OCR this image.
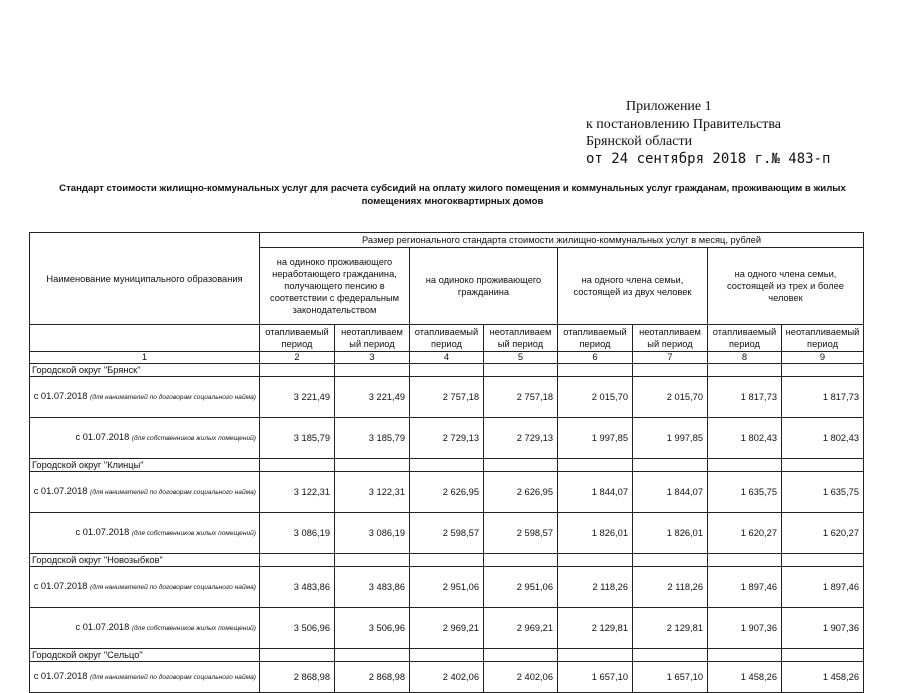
Приложение 1
к постановлению Правительства
Брянской области
от 24 сентября 2018 г.№ 483-п
Стандарт стоимости жилищно-коммунальных услуг для расчета субсидий на оплату жилого помещения и коммунальных услуг гражданам, проживающим в жилых помещениях многоквартирных домов
Наименование муниципального образования	Размер регионального стандарта стоимости жилищно-коммунальных услуг в месяц, рублей							
	на одиноко проживающего неработающего гражданина, получающего пенсию в соответствии с федеральным законодательством		на одиноко проживающего гражданина		на одного члена семьи, состоящей из двух человек		на одного члена семьи, состоящей из трех и более человек	
	отапливаемый период	неотапливаем ый период	отапливаемый период	неотапливаем ый период	отапливаемый период	неотапливаем ый период	отапливаемый период	неотапливаемый период
1	2	3	4	5	6	7	8	9
Городской округ "Брянск"								
с 01.07.2018 (для нанимателей по договорам социального найма)	3 221,49	3 221,49	2 757,18	2 757,18	2 015,70	2 015,70	1 817,73	1 817,73
с 01.07.2018 (для собственников жилых помещений)	3 185,79	3 185,79	2 729,13	2 729,13	1 997,85	1 997,85	1 802,43	1 802,43
Городской округ "Клинцы"								
с 01.07.2018 (для нанимателей по договорам социального найма)	3 122,31	3 122,31	2 626,95	2 626,95	1 844,07	1 844,07	1 635,75	1 635,75
с 01.07.2018 (для собственников жилых помещений)	3 086,19	3 086,19	2 598,57	2 598,57	1 826,01	1 826,01	1 620,27	1 620,27
Городской округ "Новозыбков"								
с 01.07.2018 (для нанимателей по договорам социального найма)	3 483,86	3 483,86	2 951,06	2 951,06	2 118,26	2 118,26	1 897,46	1 897,46
с 01.07.2018 (для собственников жилых помещений)	3 506,96	3 506,96	2 969,21	2 969,21	2 129,81	2 129,81	1 907,36	1 907,36
Городской округ "Сельцо"								
с 01.07.2018 (для нанимателей по договорам социального найма)	2 868,98	2 868,98	2 402,06	2 402,06	1 657,10	1 657,10	1 458,26	1 458,26
